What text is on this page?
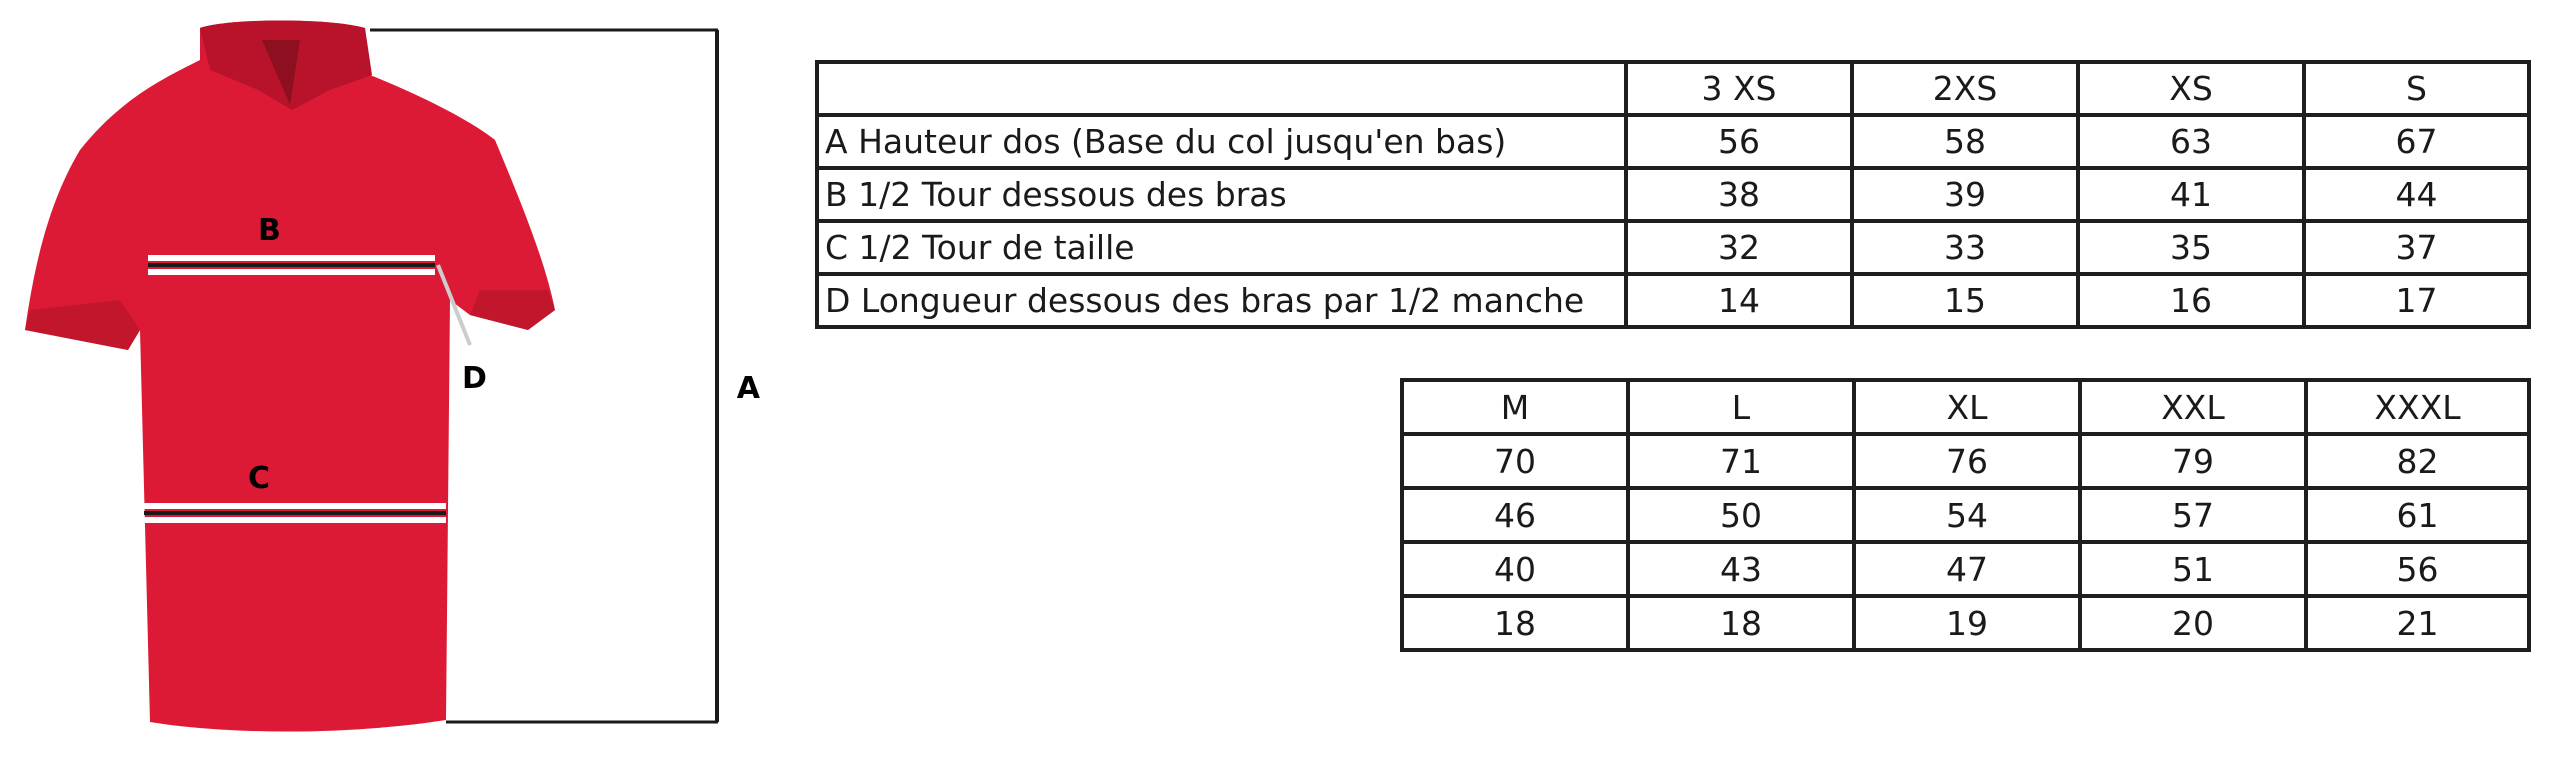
B
C
D	A
	3 XS	2XS	XS	S
A Hauteur dos (Base du col jusqu'en bas)	56	58	63	67
B 1/2 Tour dessous des bras	38	39	41	44
C 1/2 Tour de taille	32	33	35	37
D Longueur dessous des bras par 1/2 manche	14	15	16	17
M	L	XL	XXL	XXXL
70	71	76	79	82
46	50	54	57	61
40	43	47	51	56
18	18	19	20	21
